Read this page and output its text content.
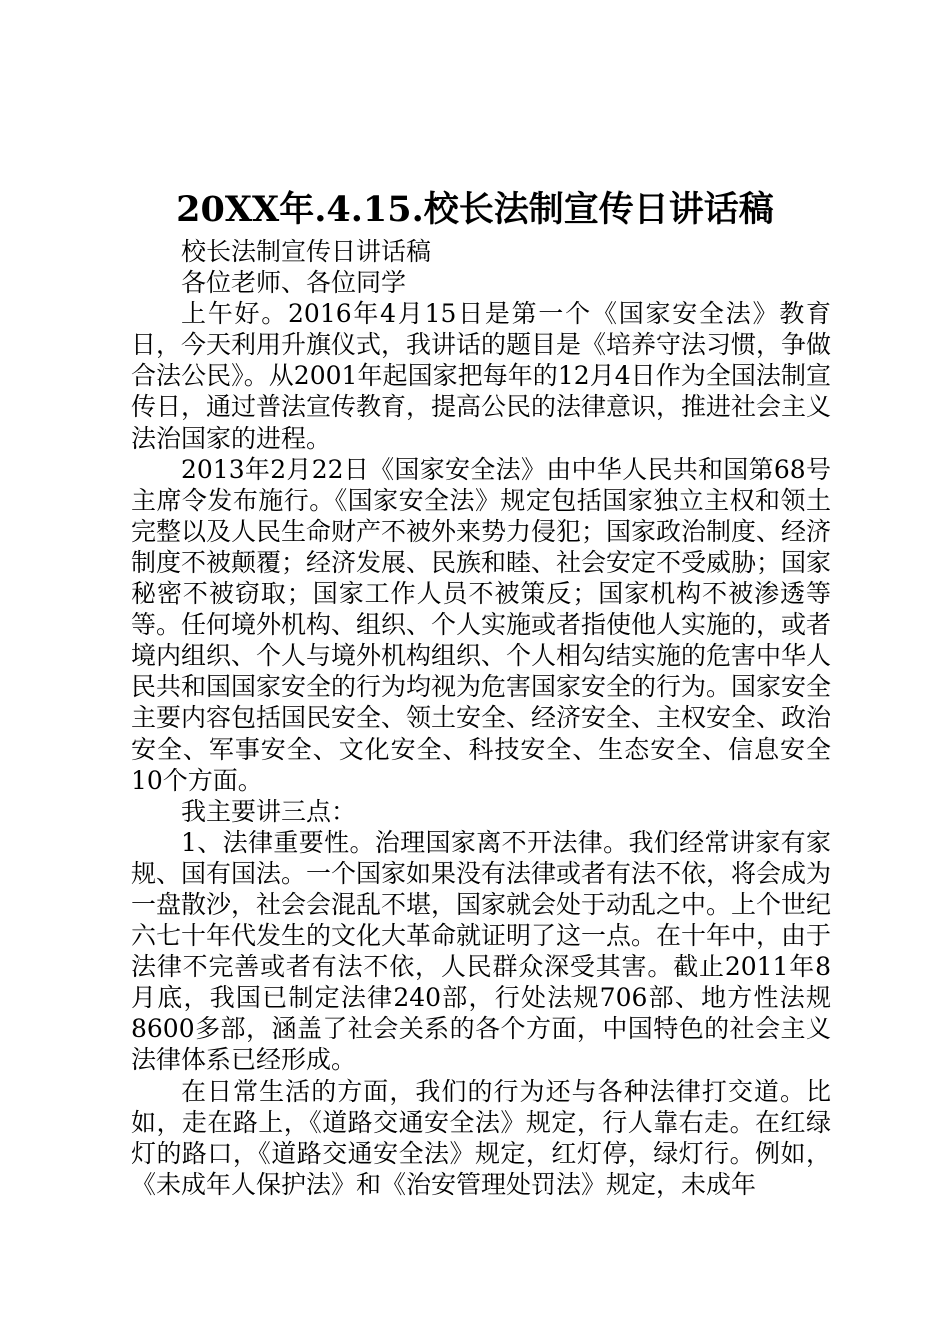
20XX年.4.15.校长法制宣传日讲话稿

校长法制宣传日讲话稿

各位老师、各位同学

上午好。2016年4月15日是第一个《国家安全法》教育日，今天利用升旗仪式，我讲话的题目是《培养守法习惯，争做合法公民》。从2001年起国家把每年的12月4日作为全国法制宣传日，通过普法宣传教育，提高公民的法律意识，推进社会主义法治国家的进程。

2013年2月22日《国家安全法》由中华人民共和国第68号主席令发布施行。《国家安全法》规定包括国家独立主权和领土完整以及人民生命财产不被外来势力侵犯；国家政治制度、经济制度不被颠覆；经济发展、民族和睦、社会安定不受威胁；国家秘密不被窃取；国家工作人员不被策反；国家机构不被渗透等等。任何境外机构、组织、个人实施或者指使他人实施的，或者境内组织、个人与境外机构组织、个人相勾结实施的危害中华人民共和国国家安全的行为均视为危害国家安全的行为。国家安全主要内容包括国民安全、领土安全、经济安全、主权安全、政治安全、军事安全、文化安全、科技安全、生态安全、信息安全10个方面。

我主要讲三点：

1、法律重要性。治理国家离不开法律。我们经常讲家有家规、国有国法。一个国家如果没有法律或者有法不依，将会成为一盘散沙，社会会混乱不堪，国家就会处于动乱之中。上个世纪六七十年代发生的文化大革命就证明了这一点。在十年中，由于法律不完善或者有法不依，人民群众深受其害。截止2011年8月底，我国已制定法律240部，行处法规706部、地方性法规8600多部，涵盖了社会关系的各个方面，中国特色的社会主义法律体系已经形成。

在日常生活的方面，我们的行为还与各种法律打交道。比如，走在路上，《道路交通安全法》规定，行人靠右走。在红绿灯的路口，《道路交通安全法》规定，红灯停，绿灯行。例如，《未成年人保护法》和《治安管理处罚法》规定，未成年
